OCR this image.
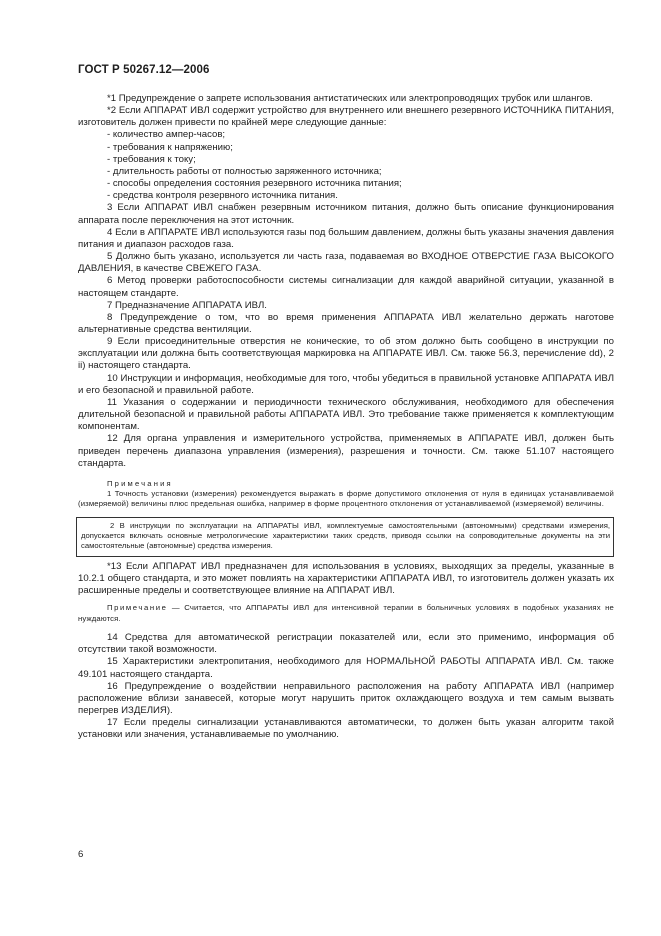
ГОСТ Р 50267.12—2006

*1 Предупреждение о запрете использования антистатических или электропроводящих трубок или шлангов.

*2 Если АППАРАТ ИВЛ содержит устройство для внутреннего или внешнего резервного ИСТОЧНИКА ПИТАНИЯ, изготовитель должен привести по крайней мере следующие данные:

- количество ампер-часов;

- требования к напряжению;

- требования к току;

- длительность работы от полностью заряженного источника;

- способы определения состояния резервного источника питания;

- средства контроля резервного источника питания.

3 Если АППАРАТ ИВЛ снабжен резервным источником питания, должно быть описание функционирования аппарата после переключения на этот источник.

4 Если в АППАРАТЕ ИВЛ используются газы под большим давлением, должны быть указаны значения давления питания и диапазон расходов газа.

5 Должно быть указано, используется ли часть газа, подаваемая во ВХОДНОЕ ОТВЕРСТИЕ ГАЗА ВЫСОКОГО ДАВЛЕНИЯ, в качестве СВЕЖЕГО ГАЗА.

6 Метод проверки работоспособности системы сигнализации для каждой аварийной ситуации, указанной в настоящем стандарте.

7 Предназначение АППАРАТА ИВЛ.

8 Предупреждение о том, что во время применения АППАРАТА ИВЛ желательно держать наготове альтернативные средства вентиляции.

9 Если присоединительные отверстия не конические, то об этом должно быть сообщено в инструкции по эксплуатации или должна быть соответствующая маркировка на АППАРАТЕ ИВЛ. См. также 56.3, перечисление dd), 2 ii) настоящего стандарта.

10 Инструкции и информация, необходимые для того, чтобы убедиться в правильной установке АППАРАТА ИВЛ и его безопасной и правильной работе.

11 Указания о содержании и периодичности технического обслуживания, необходимого для обеспечения длительной безопасной и правильной работы АППАРАТА ИВЛ. Это требование также применяется к комплектующим компонентам.

12 Для органа управления и измерительного устройства, применяемых в АППАРАТЕ ИВЛ, должен быть приведен перечень диапазона управления (измерения), разрешения и точности. См. также 51.107 настоящего стандарта.

Примечания

1 Точность установки (измерения) рекомендуется выражать в форме допустимого отклонения от нуля в единицах устанавливаемой (измеряемой) величины плюс предельная ошибка, например в форме процентного отклонения от устанавливаемой (измеряемой) величины.

2 В инструкции по эксплуатации на АППАРАТЫ ИВЛ, комплектуемые самостоятельными (автономными) средствами измерения, допускается включать основные метрологические характеристики таких средств, приводя ссылки на сопроводительные документы на эти самостоятельные (автономные) средства измерения.

*13 Если АППАРАТ ИВЛ предназначен для использования в условиях, выходящих за пределы, указанные в 10.2.1 общего стандарта, и это может повлиять на характеристики АППАРАТА ИВЛ, то изготовитель должен указать их расширенные пределы и соответствующее влияние на АППАРАТ ИВЛ.

Примечание — Считается, что АППАРАТЫ ИВЛ для интенсивной терапии в больничных условиях в подобных указаниях не нуждаются.

14 Средства для автоматической регистрации показателей или, если это применимо, информация об отсутствии такой возможности.

15 Характеристики электропитания, необходимого для НОРМАЛЬНОЙ РАБОТЫ АППАРАТА ИВЛ. См. также 49.101 настоящего стандарта.

16 Предупреждение о воздействии неправильного расположения на работу АППАРАТА ИВЛ (например расположение вблизи занавесей, которые могут нарушить приток охлаждающего воздуха и тем самым вызвать перегрев ИЗДЕЛИЯ).

17 Если пределы сигнализации устанавливаются автоматически, то должен быть указан алгоритм такой установки или значения, устанавливаемые по умолчанию.

6
